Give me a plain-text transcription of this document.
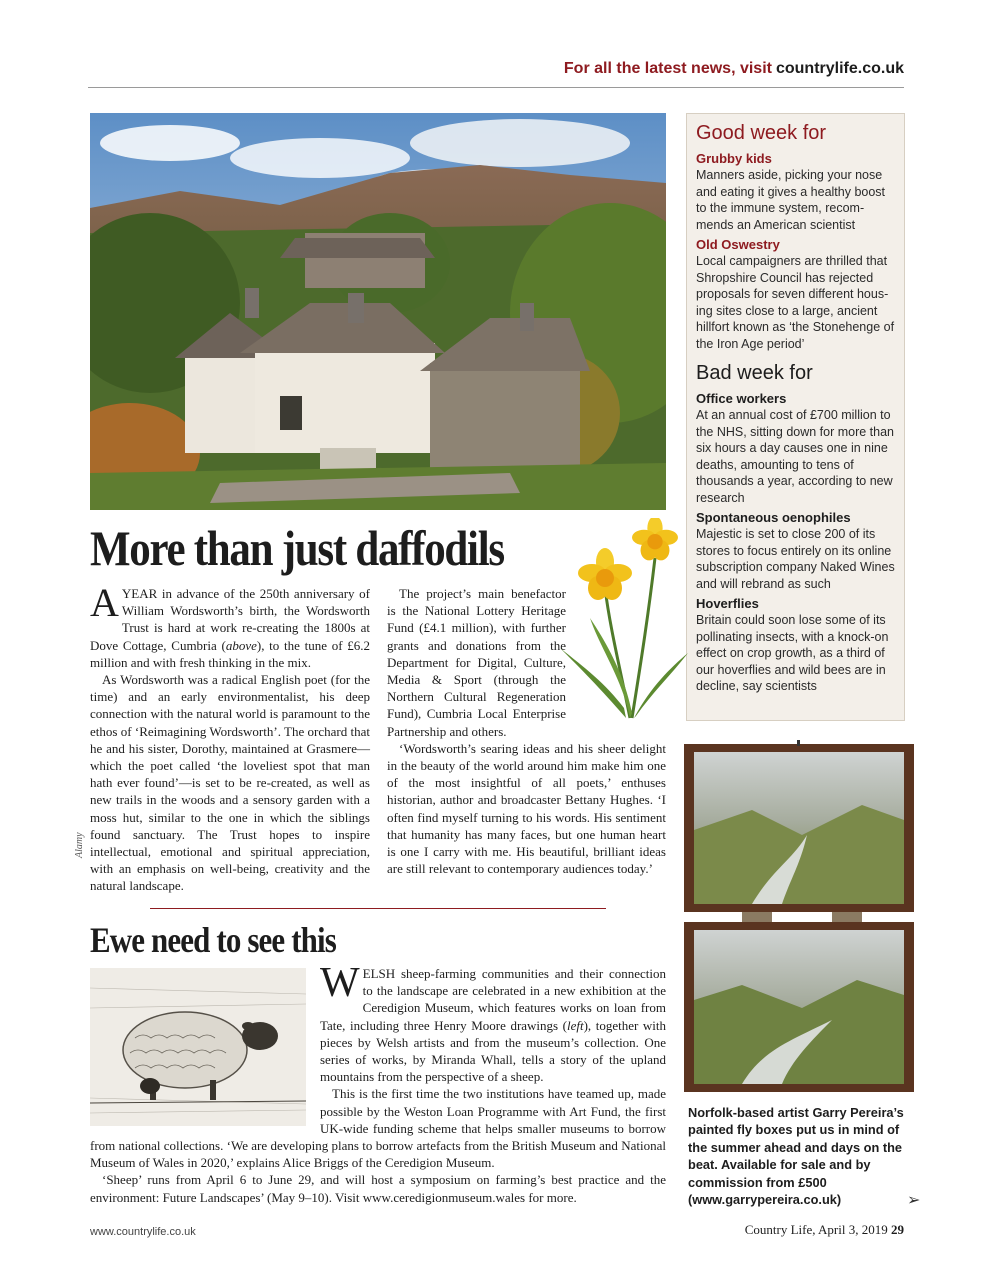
For all the latest news, visit countrylife.co.uk
Good week for
Grubby kids
Manners aside, picking your nose and eating it gives a healthy boost to the immune system, recom-mends an American scientist
Old Oswestry
Local campaigners are thrilled that Shropshire Council has rejected proposals for seven different hous-ing sites close to a large, ancient hillfort known as ‘the Stonehenge of the Iron Age period’
Bad week for
Office workers
At an annual cost of £700 million to the NHS, sitting down for more than six hours a day causes one in nine deaths, amounting to tens of thousands a year, according to new research
Spontaneous oenophiles
Majestic is set to close 200 of its stores to focus entirely on its online subscription company Naked Wines and will rebrand as such
Hoverflies
Britain could soon lose some of its pollinating insects, with a knock-on effect on crop growth, as a third of our hoverflies and wild bees are in decline, say scientists
More than just daffodils

AYEAR in advance of the 250th anniversary of William Wordsworth’s birth, the Wordsworth Trust is hard at work re-creating the 1800s at Dove Cottage, Cumbria (above), to the tune of £6.2 million and with fresh thinking in the mix.

As Wordsworth was a radical English poet (for the time) and an early environmentalist, his deep connection with the natural world is paramount to the ethos of ‘Reimagining Wordsworth’. The orchard that he and his sister, Dorothy, maintained at Grasmere—which the poet called ‘the loveliest spot that man hath ever found’—is set to be re-created, as well as new trails in the woods and a sensory garden with a moss hut, similar to the one in which the siblings found sanctuary. The Trust hopes to inspire intellectual, emotional and spiritual appreciation, with an emphasis on well-being, creativity and the natural landscape.

The project’s main benefactor is the National Lottery Heritage Fund (£4.1 million), with further grants and donations from the Department for Digital, Culture, Media & Sport (through the Northern Cultural Regeneration Fund), Cumbria Local Enterprise Partnership and others.

‘Wordsworth’s searing ideas and his sheer delight in the beauty of the world around him make him one of the most insightful of all poets,’ enthuses historian, author and broadcaster Bettany Hughes. ‘I often find myself turning to his words. His sentiment that humanity has many faces, but one human heart is one I carry with me. His beautiful, brilliant ideas are still relevant to contemporary audiences today.’

Alamy
Ewe need to see this

WELSH sheep-farming communities and their connection to the landscape are celebrated in a new exhibition at the Ceredigion Museum, which features works on loan from Tate, including three Henry Moore drawings (left), together with pieces by Welsh artists and from the museum’s collection. One series of works, by Miranda Whall, tells a story of the upland mountains from the perspective of a sheep.

This is the first time the two institutions have teamed up, made possible by the Weston Loan Programme with Art Fund, the first UK-wide funding scheme that helps smaller museums to borrow from national collections. ‘We are developing plans to borrow artefacts from the British Museum and National Museum of Wales in 2020,’ explains Alice Briggs of the Ceredigion Museum.

‘Sheep’ runs from April 6 to June 29, and will host a symposium on farming’s best practice and the environment: Future Landscapes’ (May 9–10). Visit www.ceredigionmuseum.wales for more.

Norfolk-based artist Garry Pereira’s painted fly boxes put us in mind of the summer ahead and days on the beat. Available for sale and by commission from £500 (www.garrypereira.co.uk)	➢
www.countrylife.co.uk	Country Life, April 3, 2019 29
